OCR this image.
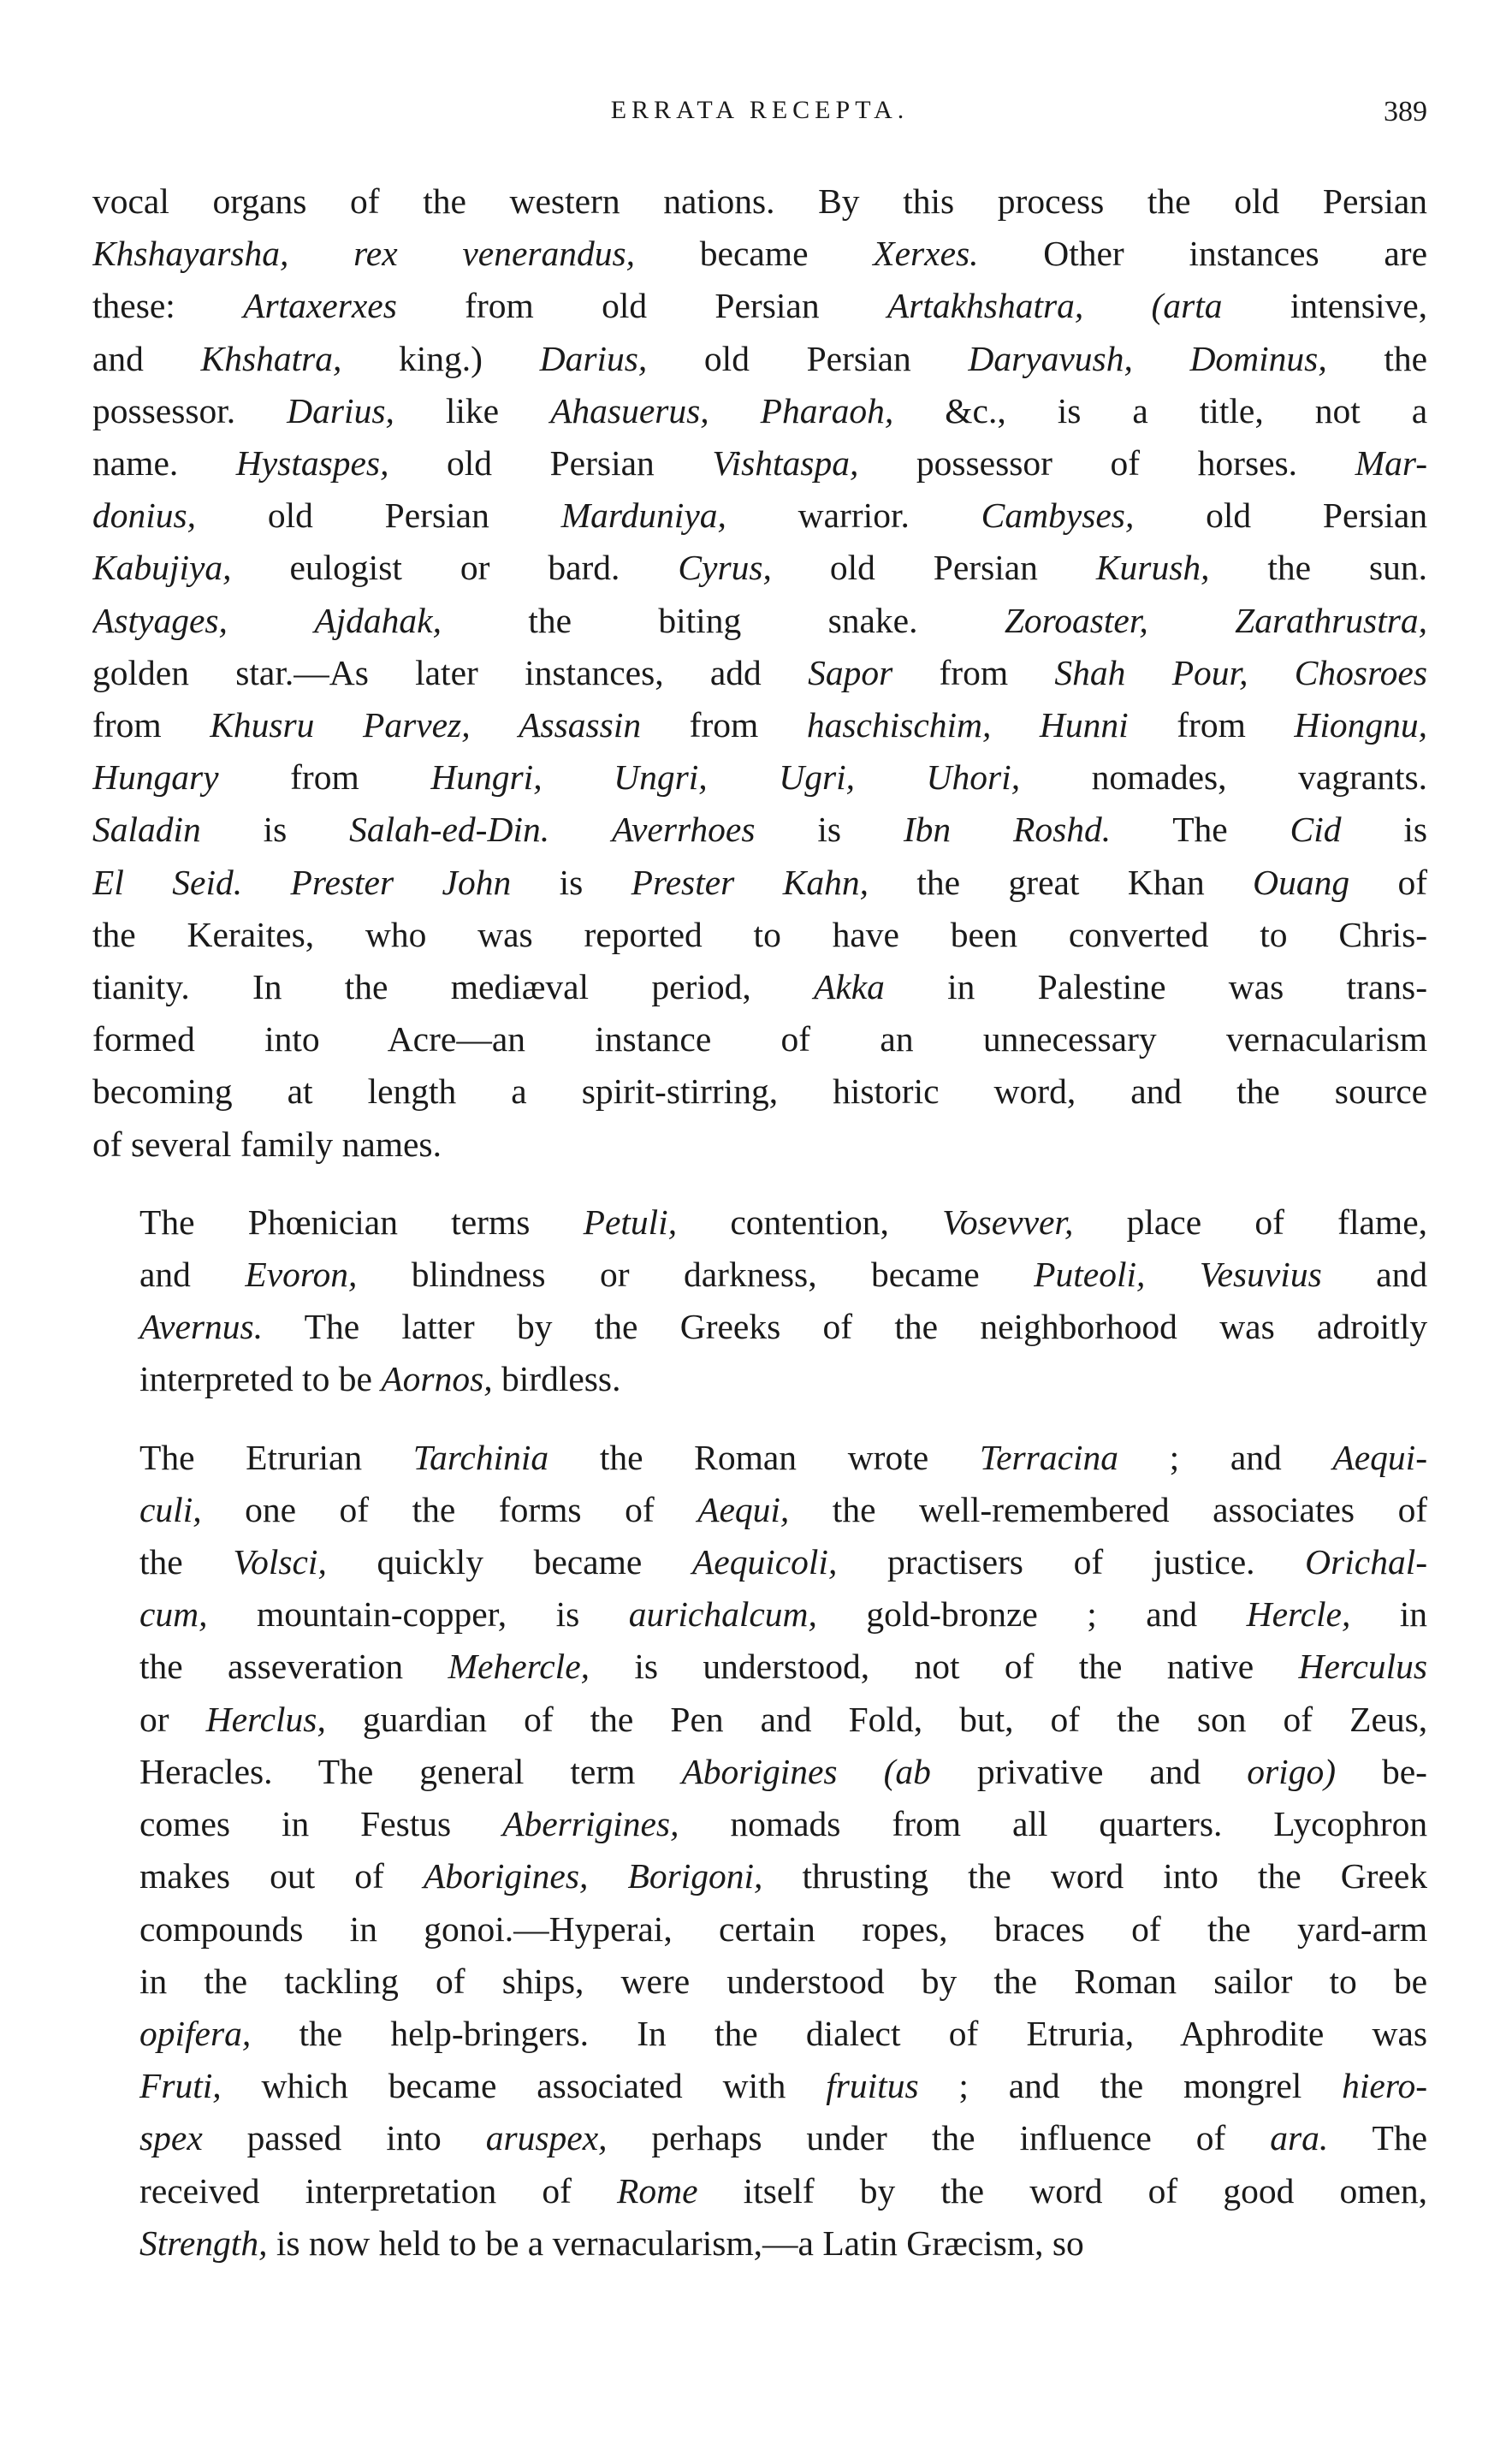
ERRATA RECEPTA.	389
vocal organs of the western nations. By this process the old Persian
Khshayarsha, rex venerandus, became Xerxes. Other instances are
these: Artaxerxes from old Persian Artakhshatra, (arta intensive,
and Khshatra, king.) Darius, old Persian Daryavush, Dominus, the
possessor. Darius, like Ahasuerus, Pharaoh, &c., is a title, not a
name. Hystaspes, old Persian Vishtaspa, possessor of horses. Mar-
donius, old Persian Marduniya, warrior. Cambyses, old Persian
Kabujiya, eulogist or bard. Cyrus, old Persian Kurush, the sun.
Astyages, Ajdahak, the biting snake. Zoroaster, Zarathrustra,
golden star.—As later instances, add Sapor from Shah Pour, Chosroes
from Khusru Parvez, Assassin from haschischim, Hunni from Hiongnu,
Hungary from Hungri, Ungri, Ugri, Uhori, nomades, vagrants.
Saladin is Salah-ed-Din. Averrhoes is Ibn Roshd. The Cid is
El Seid. Prester John is Prester Kahn, the great Khan Ouang of
the Keraites, who was reported to have been converted to Chris-
tianity. In the mediæval period, Akka in Palestine was trans-
formed into Acre—an instance of an unnecessary vernacularism
becoming at length a spirit-stirring, historic word, and the source
of several family names.
The Phœnician terms Petuli, contention, Vosevver, place of flame,
and Evoron, blindness or darkness, became Puteoli, Vesuvius and
Avernus. The latter by the Greeks of the neighborhood was adroitly
interpreted to be Aornos, birdless.
The Etrurian Tarchinia the Roman wrote Terracina ; and Aequi-
culi, one of the forms of Aequi, the well-remembered associates of
the Volsci, quickly became Aequicoli, practisers of justice. Orichal-
cum, mountain-copper, is aurichalcum, gold-bronze ; and Hercle, in
the asseveration Mehercle, is understood, not of the native Herculus
or Herclus, guardian of the Pen and Fold, but, of the son of Zeus,
Heracles. The general term Aborigines (ab privative and origo) be-
comes in Festus Aberrigines, nomads from all quarters. Lycophron
makes out of Aborigines, Borigoni, thrusting the word into the Greek
compounds in gonoi.—Hyperai, certain ropes, braces of the yard-arm
in the tackling of ships, were understood by the Roman sailor to be
opifera, the help-bringers. In the dialect of Etruria, Aphrodite was
Fruti, which became associated with fruitus ; and the mongrel hiero-
spex passed into aruspex, perhaps under the influence of ara. The
received interpretation of Rome itself by the word of good omen,
Strength, is now held to be a vernacularism,—a Latin Græcism, so
